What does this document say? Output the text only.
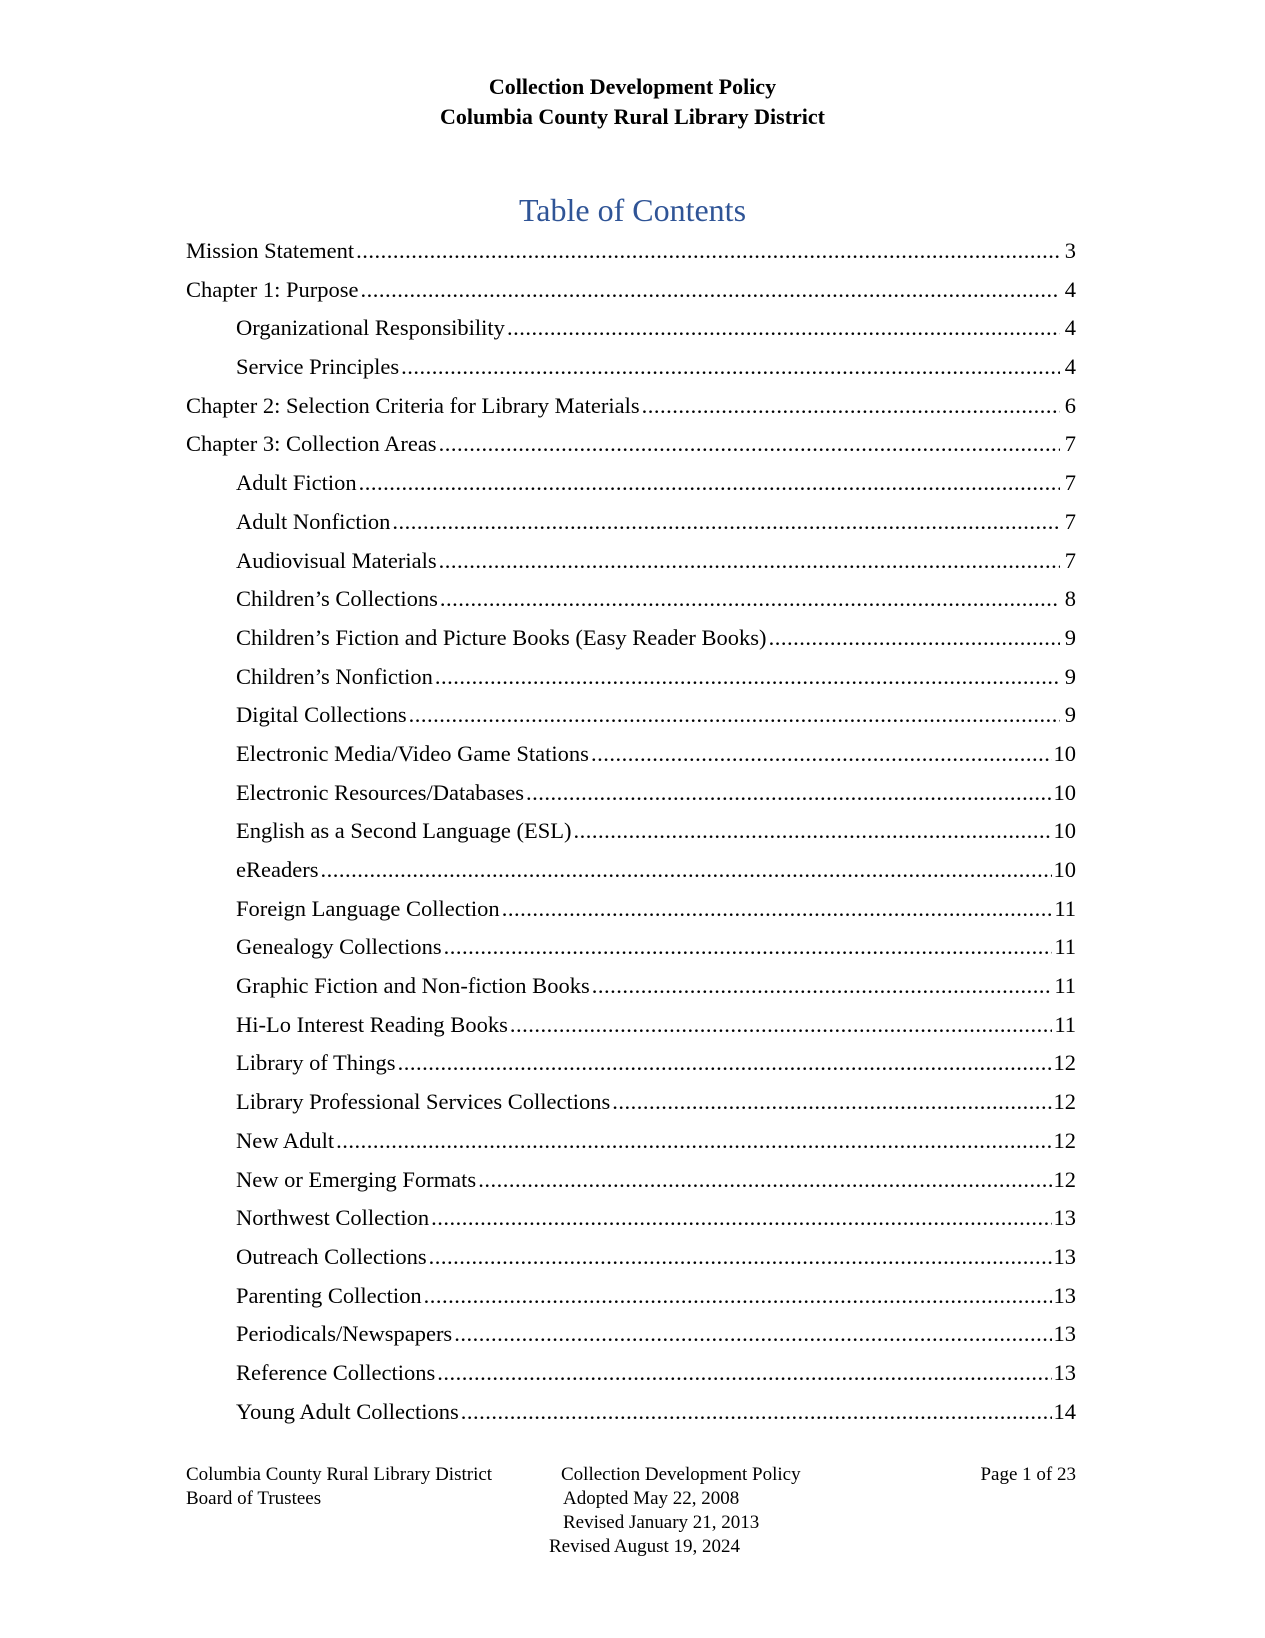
Collection Development Policy
Columbia County Rural Library District
Table of Contents
Mission Statement .....	3
Chapter 1: Purpose .....	4
Organizational Responsibility .....	4
Service Principles .....	4
Chapter 2: Selection Criteria for Library Materials .....	6
Chapter 3: Collection Areas .....	7
Adult Fiction .....	7
Adult Nonfiction .....	7
Audiovisual Materials .....	7
Children’s Collections .....	8
Children’s Fiction and Picture Books (Easy Reader Books) .....	9
Children’s Nonfiction .....	9
Digital Collections .....	9
Electronic Media/Video Game Stations .....	10
Electronic Resources/Databases .....	10
English as a Second Language (ESL) .....	10
eReaders .....	10
Foreign Language Collection .....	11
Genealogy Collections .....	11
Graphic Fiction and Non-fiction Books .....	11
Hi-Lo Interest Reading Books .....	11
Library of Things .....	12
Library Professional Services Collections .....	12
New Adult .....	12
New or Emerging Formats .....	12
Northwest Collection .....	13
Outreach Collections .....	13
Parenting Collection .....	13
Periodicals/Newspapers .....	13
Reference Collections .....	13
Young Adult Collections .....	14
Columbia County Rural Library District
Board of Trustees
Collection Development Policy
Adopted May 22, 2008
Revised January 21, 2013
Revised August 19, 2024
Page 1 of 23
